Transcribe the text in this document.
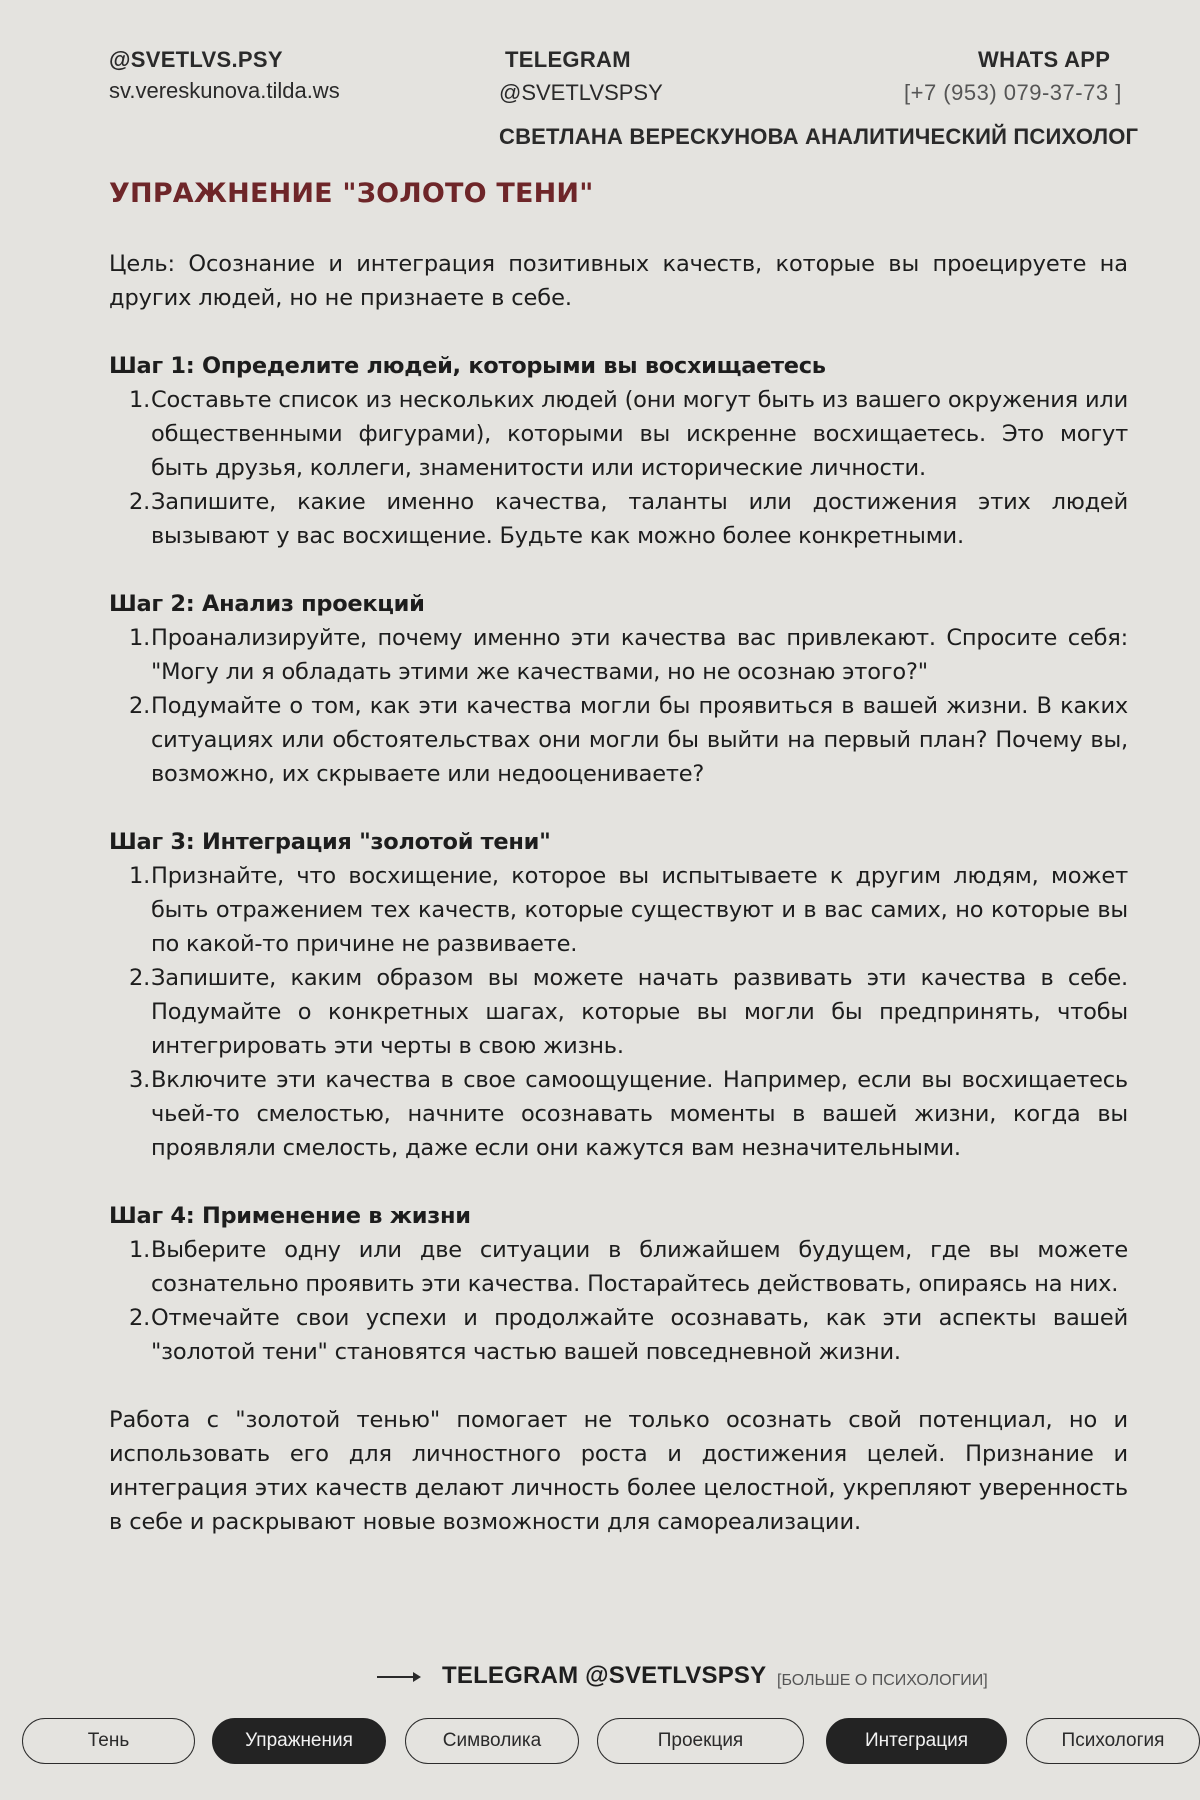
@SVETLVS.PSY
sv.vereskunova.tilda.ws
TELEGRAM
@SVETLVSPSY
WHATS APP
[+7 (953) 079-37-73 ]
СВЕТЛАНА ВЕРЕСКУНОВА АНАЛИТИЧЕСКИЙ ПСИХОЛОГ
УПРАЖНЕНИЕ "ЗОЛОТО ТЕНИ"

Цель: Осознание и интеграция позитивных качеств, которые вы проецируете на других людей, но не признаете в себе.

Шаг 1: Определите людей, которыми вы восхищаетесь

1. Составьте список из нескольких людей (они могут быть из вашего окружения или общественными фигурами), которыми вы искренне восхищаетесь. Это могут быть друзья, коллеги, знаменитости или исторические личности.
2. Запишите, какие именно качества, таланты или достижения этих людей вызывают у вас восхищение. Будьте как можно более конкретными.

Шаг 2: Анализ проекций

1. Проанализируйте, почему именно эти качества вас привлекают. Спросите себя: "Могу ли я обладать этими же качествами, но не осознаю этого?"
2. Подумайте о том, как эти качества могли бы проявиться в вашей жизни. В каких ситуациях или обстоятельствах они могли бы выйти на первый план? Почему вы, возможно, их скрываете или недооцениваете?

Шаг 3: Интеграция "золотой тени"

1. Признайте, что восхищение, которое вы испытываете к другим людям, может быть отражением тех качеств, которые существуют и в вас самих, но которые вы по какой-то причине не развиваете.
2. Запишите, каким образом вы можете начать развивать эти качества в себе. Подумайте о конкретных шагах, которые вы могли бы предпринять, чтобы интегрировать эти черты в свою жизнь.
3. Включите эти качества в свое самоощущение. Например, если вы восхищаетесь чьей-то смелостью, начните осознавать моменты в вашей жизни, когда вы проявляли смелость, даже если они кажутся вам незначительными.

Шаг 4: Применение в жизни

1. Выберите одну или две ситуации в ближайшем будущем, где вы можете сознательно проявить эти качества. Постарайтесь действовать, опираясь на них.
2. Отмечайте свои успехи и продолжайте осознавать, как эти аспекты вашей "золотой тени" становятся частью вашей повседневной жизни.

Работа с "золотой тенью" помогает не только осознать свой потенциал, но и использовать его для личностного роста и достижения целей. Признание и интеграция этих качеств делают личность более целостной, укрепляют уверенность в себе и раскрывают новые возможности для самореализации.

TELEGRAM @SVETLVSPSY [БОЛЬШЕ О ПСИХОЛОГИИ]
Тень	Упражнения	Символика	Проекция	Интеграция	Психология
